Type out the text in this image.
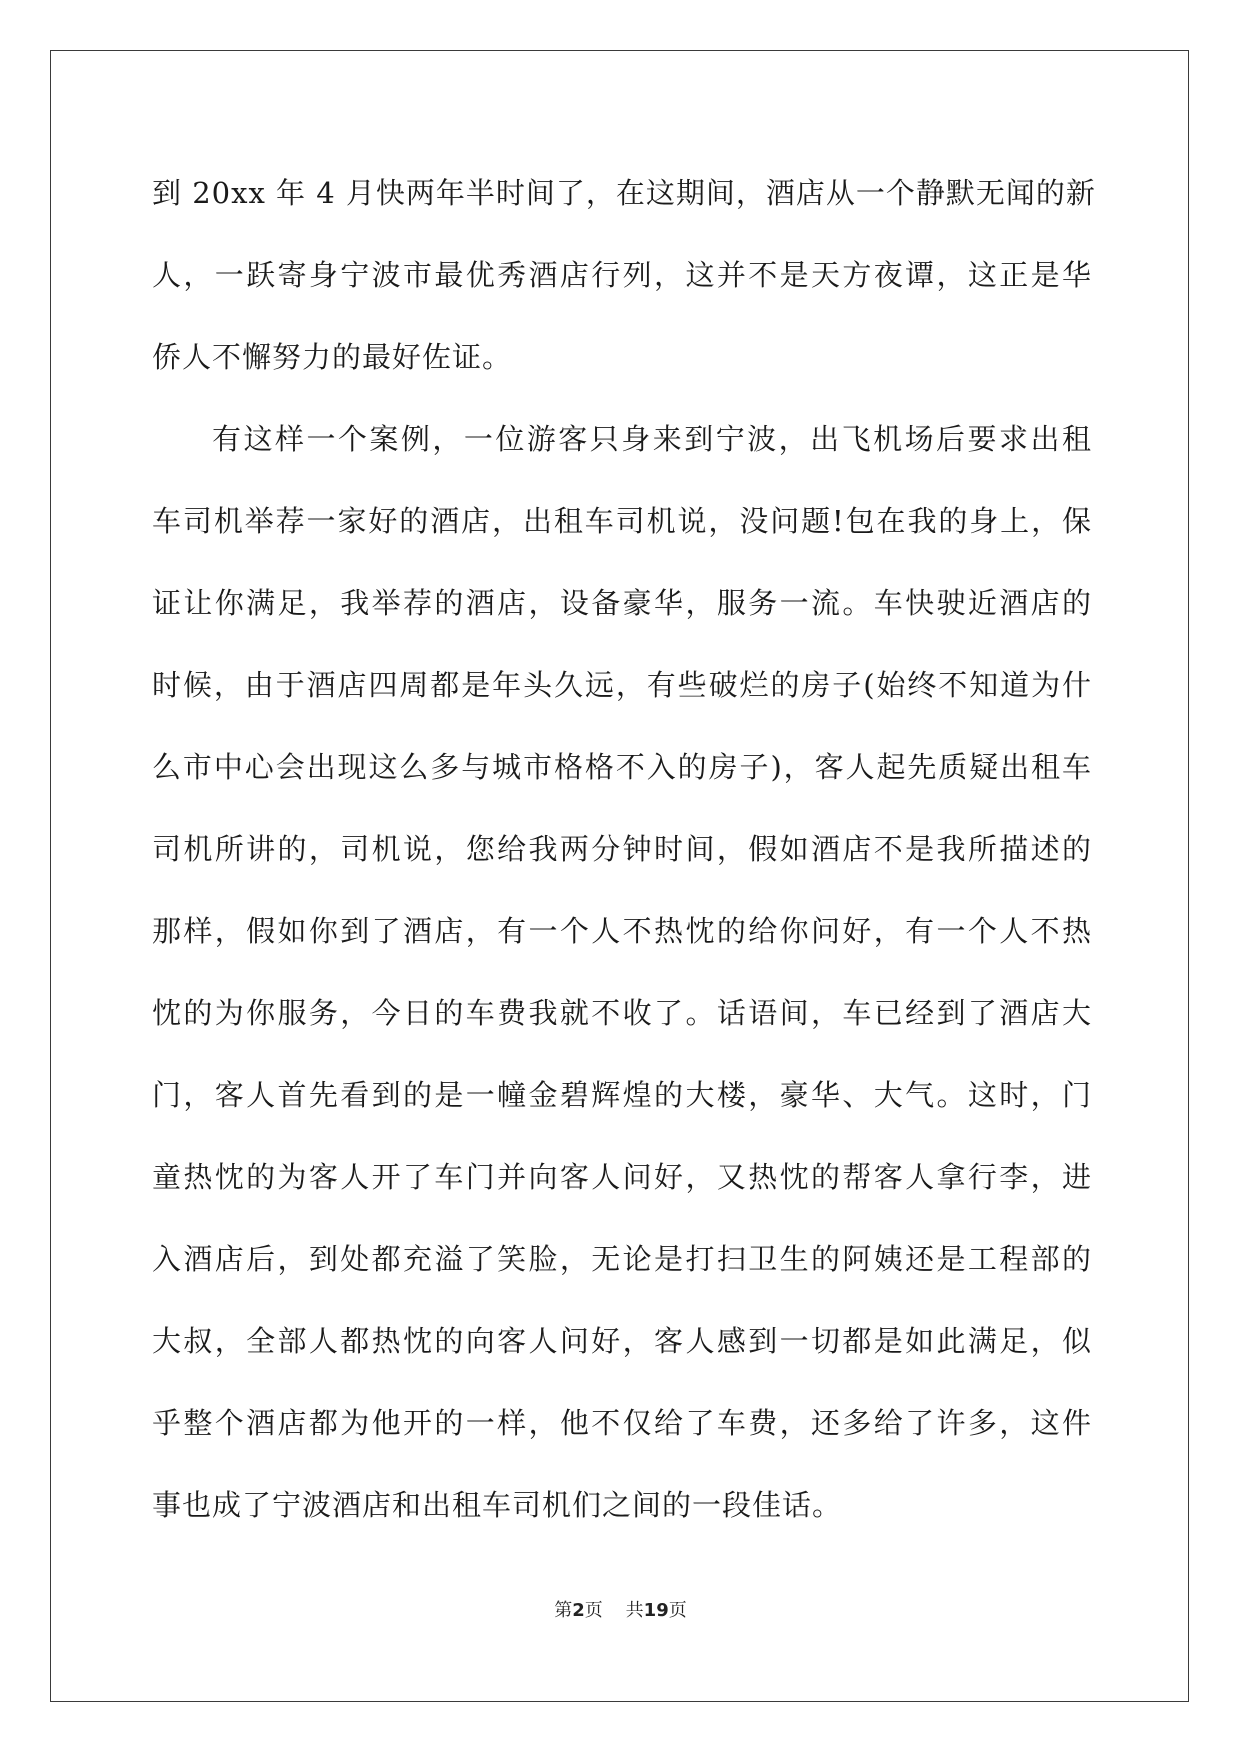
到 20xx 年 4 月快两年半时间了，在这期间，酒店从一个静默无闻的新
人，一跃寄身宁波市最优秀酒店行列，这并不是天方夜谭，这正是华
侨人不懈努力的最好佐证。
有这样一个案例，一位游客只身来到宁波，出飞机场后要求出租
车司机举荐一家好的酒店，出租车司机说，没问题!包在我的身上，保
证让你满足，我举荐的酒店，设备豪华，服务一流。车快驶近酒店的
时候，由于酒店四周都是年头久远，有些破烂的房子(始终不知道为什
么市中心会出现这么多与城市格格不入的房子)，客人起先质疑出租车
司机所讲的，司机说，您给我两分钟时间，假如酒店不是我所描述的
那样，假如你到了酒店，有一个人不热忱的给你问好，有一个人不热
忱的为你服务，今日的车费我就不收了。话语间，车已经到了酒店大
门，客人首先看到的是一幢金碧辉煌的大楼，豪华、大气。这时，门
童热忱的为客人开了车门并向客人问好，又热忱的帮客人拿行李，进
入酒店后，到处都充溢了笑脸，无论是打扫卫生的阿姨还是工程部的
大叔，全部人都热忱的向客人问好，客人感到一切都是如此满足，似
乎整个酒店都为他开的一样，他不仅给了车费，还多给了许多，这件
事也成了宁波酒店和出租车司机们之间的一段佳话。
第2页 共19页
